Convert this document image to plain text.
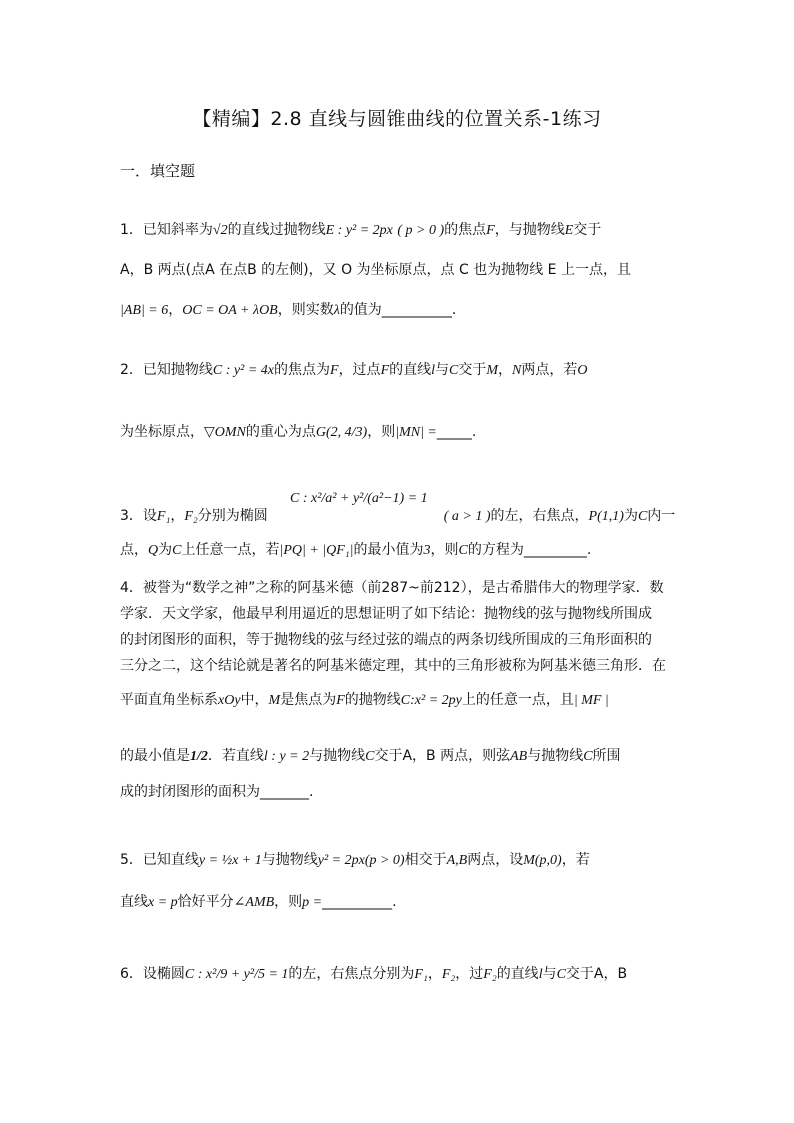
【精编】2.8 直线与圆锥曲线的位置关系-1练习
一．填空题
1．已知斜率为√2的直线过抛物线E : y² = 2px ( p > 0 )的焦点F，与抛物线E交于
A，B 两点(点A 在点B 的左侧)，又 O 为坐标原点，点 C 也为抛物线 E 上一点，且
|AB| = 6，OC = OA + λOB，则实数λ的值为__________.
2．已知抛物线C : y² = 4x的焦点为F，过点F的直线l与C交于M，N两点，若O
为坐标原点，▽OMN的重心为点G(2, 4/3)，则|MN| =_____.
C : x²/a² + y²/(a²−1) = 1
3．设F₁，F₂分别为椭圆	( a > 1 )的左，右焦点，P(1,1)为C内一
点，Q为C上任意一点，若|PQ| + |QF₁|的最小值为3，则C的方程为_________.
4．被誉为“数学之神”之称的阿基米德（前287~前212），是古希腊伟大的物理学家．数
学家．天文学家，他最早利用逼近的思想证明了如下结论：抛物线的弦与抛物线所围成
的封闭图形的面积，等于抛物线的弦与经过弦的端点的两条切线所围成的三角形面积的
三分之二，这个结论就是著名的阿基米德定理，其中的三角形被称为阿基米德三角形．在
平面直角坐标系xOy中，M是焦点为F的抛物线C:x² = 2py上的任意一点，且| MF |
的最小值是1/2．若直线l : y = 2与抛物线C交于A，B 两点，则弦AB与抛物线C所围
成的封闭图形的面积为_______.
5．已知直线y = ½x + 1与抛物线y² = 2px(p > 0)相交于A,B两点，设M(p,0)，若
直线x = p恰好平分∠AMB，则p =__________.
6．设椭圆C : x²/9 + y²/5 = 1的左，右焦点分别为F₁，F₂，过F₂的直线l与C交于A，B
